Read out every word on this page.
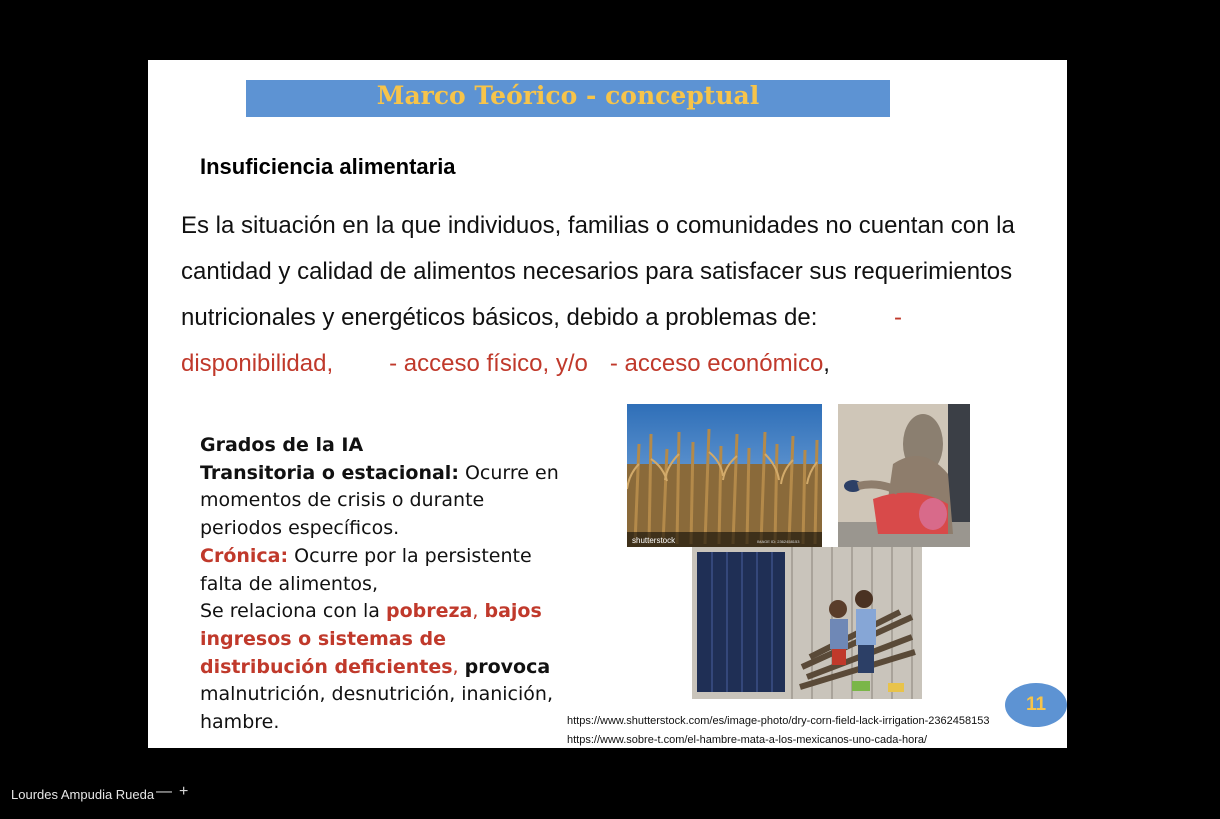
Marco Teórico - conceptual
Insuficiencia alimentaria
Es la situación en la que individuos, familias o comunidades no cuentan con la cantidad y calidad de alimentos necesarios para satisfacer sus requerimientos nutricionales y energéticos básicos, debido a problemas de:	- disponibilidad, - acceso físico, y/o - acceso económico,
Grados de la IA
Transitoria o estacional: Ocurre en momentos de crisis o durante periodos específicos.
Crónica: Ocurre por la persistente falta de alimentos,
Se relaciona con la pobreza, bajos ingresos o sistemas de distribución deficientes, provoca malnutrición, desnutrición, inanición, hambre.
shutterstock	IMAGE ID: 2362458153
https://www.shutterstock.com/es/image-photo/dry-corn-field-lack-irrigation-2362458153
https://www.sobre-t.com/el-hambre-mata-a-los-mexicanos-uno-cada-hora/
11
Lourdes Ampudia Rueda — +
